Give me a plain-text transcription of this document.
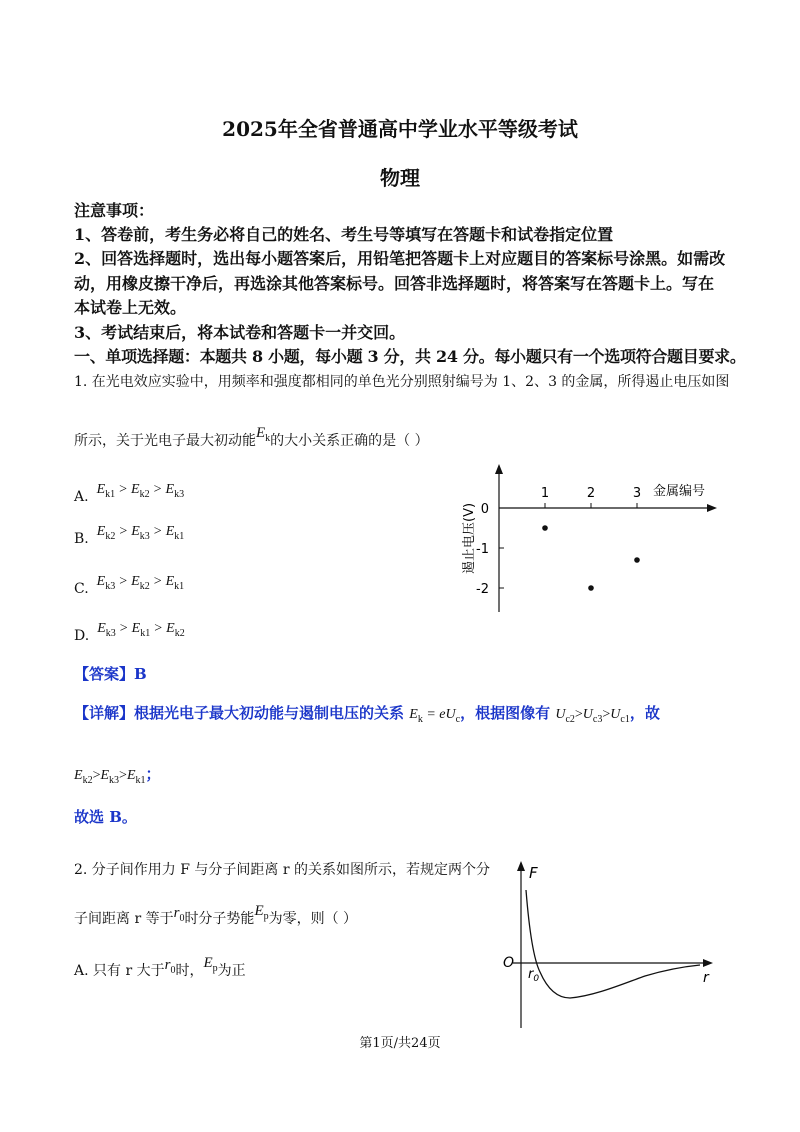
2025年全省普通高中学业水平等级考试
物理
注意事项：
1、答卷前，考生务必将自己的姓名、考生号等填写在答题卡和试卷指定位置
2、回答选择题时，选出每小题答案后，用铅笔把答题卡上对应题目的答案标号涂黑。如需改
动，用橡皮擦干净后，再选涂其他答案标号。回答非选择题时，将答案写在答题卡上。写在
本试卷上无效。
3、考试结束后，将本试卷和答题卡一并交回。
一、单项选择题：本题共 8 小题，每小题 3 分，共 24 分。每小题只有一个选项符合题目要求。
1. 在光电效应实验中，用频率和强度都相同的单色光分别照射编号为 1、2、3 的金属，所得遏止电压如图
所示，关于光电子最大初动能$E_k$的大小关系正确的是（ ）
A. $E_{k1} > E_{k2} > E_{k3}$
B. $E_{k2} > E_{k3} > E_{k1}$
C. $E_{k3} > E_{k2} > E_{k1}$
D. $E_{k3} > E_{k1} > E_{k2}$
0
-1
-2
1	2	3 金属编号
遏止电压(V)
【答案】B
【详解】根据光电子最大初动能与遏制电压的关系 $E_k = eU_c$，根据图像有 $U_{c2}>U_{c3}>U_{c1}$，故
$E_{k2}>E_{k3}>E_{k1}$；
故选 B。
2. 分子间作用力 F 与分子间距离 r 的关系如图所示，若规定两个分
子间距离 r 等于$r_0$时分子势能$E_p$为零，则（ ）
A. 只有 r 大于$r_0$时，$E_p$为正
F
O
r
$r_0$
第1页/共24页
